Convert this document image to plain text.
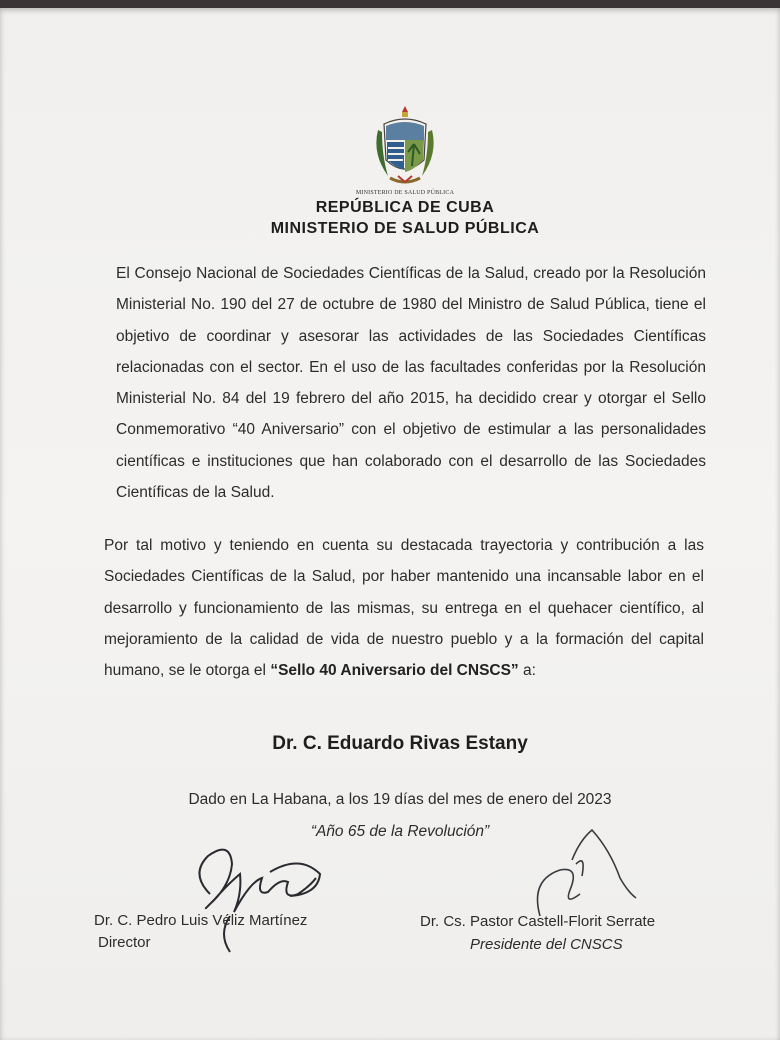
MINISTERIO DE SALUD PÚBLICA
REPÚBLICA DE CUBA
MINISTERIO DE SALUD PÚBLICA

El Consejo Nacional de Sociedades Científicas de la Salud, creado por la Resolución Ministerial No. 190 del 27 de octubre de 1980 del Ministro de Salud Pública, tiene el objetivo de coordinar y asesorar las actividades de las Sociedades Científicas relacionadas con el sector. En el uso de las facultades conferidas por la Resolución Ministerial No. 84 del 19 febrero del año 2015, ha decidido crear y otorgar el Sello Conmemorativo “40 Aniversario” con el objetivo de estimular a las personalidades científicas e instituciones que han colaborado con el desarrollo de las Sociedades Científicas de la Salud.

Por tal motivo y teniendo en cuenta su destacada trayectoria y contribución a las Sociedades Científicas de la Salud, por haber mantenido una incansable labor en el desarrollo y funcionamiento de las mismas, su entrega en el quehacer científico, al mejoramiento de la calidad de vida de nuestro pueblo y a la formación del capital humano, se le otorga el “Sello 40 Aniversario del CNSCS” a:

Dr. C. Eduardo Rivas Estany
Dado en La Habana, a los 19 días del mes de enero del 2023
“Año 65 de la Revolución”

Dr. C. Pedro Luis Véliz Martínez

Director

Dr. Cs. Pastor Castell-Florit Serrate

Presidente del CNSCS
